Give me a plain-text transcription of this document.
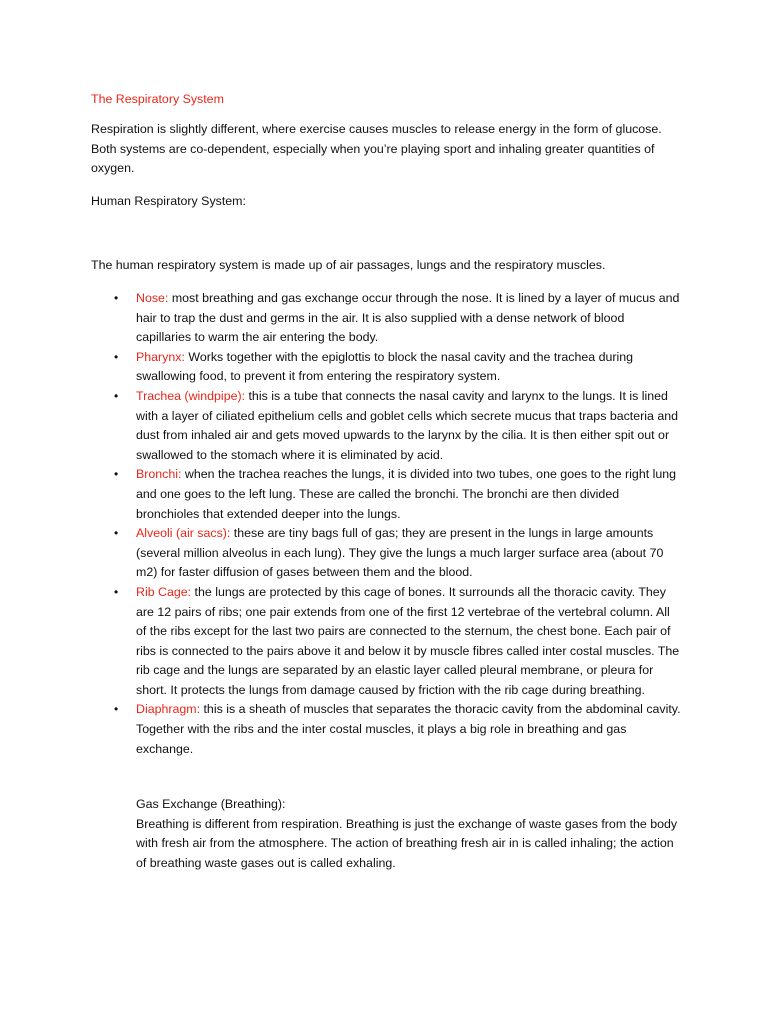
The Respiratory System

Respiration is slightly different, where exercise causes muscles to release energy in the form of glucose. Both systems are co-dependent, especially when you’re playing sport and inhaling greater quantities of oxygen.

Human Respiratory System:

The human respiratory system is made up of air passages, lungs and the respiratory muscles.

• Nose: most breathing and gas exchange occur through the nose. It is lined by a layer of mucus and hair to trap the dust and germs in the air. It is also supplied with a dense network of blood capillaries to warm the air entering the body.
• Pharynx: Works together with the epiglottis to block the nasal cavity and the trachea during swallowing food, to prevent it from entering the respiratory system.
• Trachea (windpipe): this is a tube that connects the nasal cavity and larynx to the lungs. It is lined with a layer of ciliated epithelium cells and goblet cells which secrete mucus that traps bacteria and dust from inhaled air and gets moved upwards to the larynx by the cilia. It is then either spit out or swallowed to the stomach where it is eliminated by acid.
• Bronchi: when the trachea reaches the lungs, it is divided into two tubes, one goes to the right lung and one goes to the left lung. These are called the bronchi. The bronchi are then divided bronchioles that extended deeper into the lungs.
• Alveoli (air sacs): these are tiny bags full of gas; they are present in the lungs in large amounts (several million alveolus in each lung). They give the lungs a much larger surface area (about 70 m2) for faster diffusion of gases between them and the blood.
• Rib Cage: the lungs are protected by this cage of bones. It surrounds all the thoracic cavity. They are 12 pairs of ribs; one pair extends from one of the first 12 vertebrae of the vertebral column. All of the ribs except for the last two pairs are connected to the sternum, the chest bone. Each pair of ribs is connected to the pairs above it and below it by muscle fibres called inter costal muscles. The rib cage and the lungs are separated by an elastic layer called pleural membrane, or pleura for short. It protects the lungs from damage caused by friction with the rib cage during breathing.
• Diaphragm: this is a sheath of muscles that separates the thoracic cavity from the abdominal cavity. Together with the ribs and the inter costal muscles, it plays a big role in breathing and gas exchange.
Gas Exchange (Breathing):
Breathing is different from respiration. Breathing is just the exchange of waste gases from the body with fresh air from the atmosphere. The action of breathing fresh air in is called inhaling; the action of breathing waste gases out is called exhaling.
